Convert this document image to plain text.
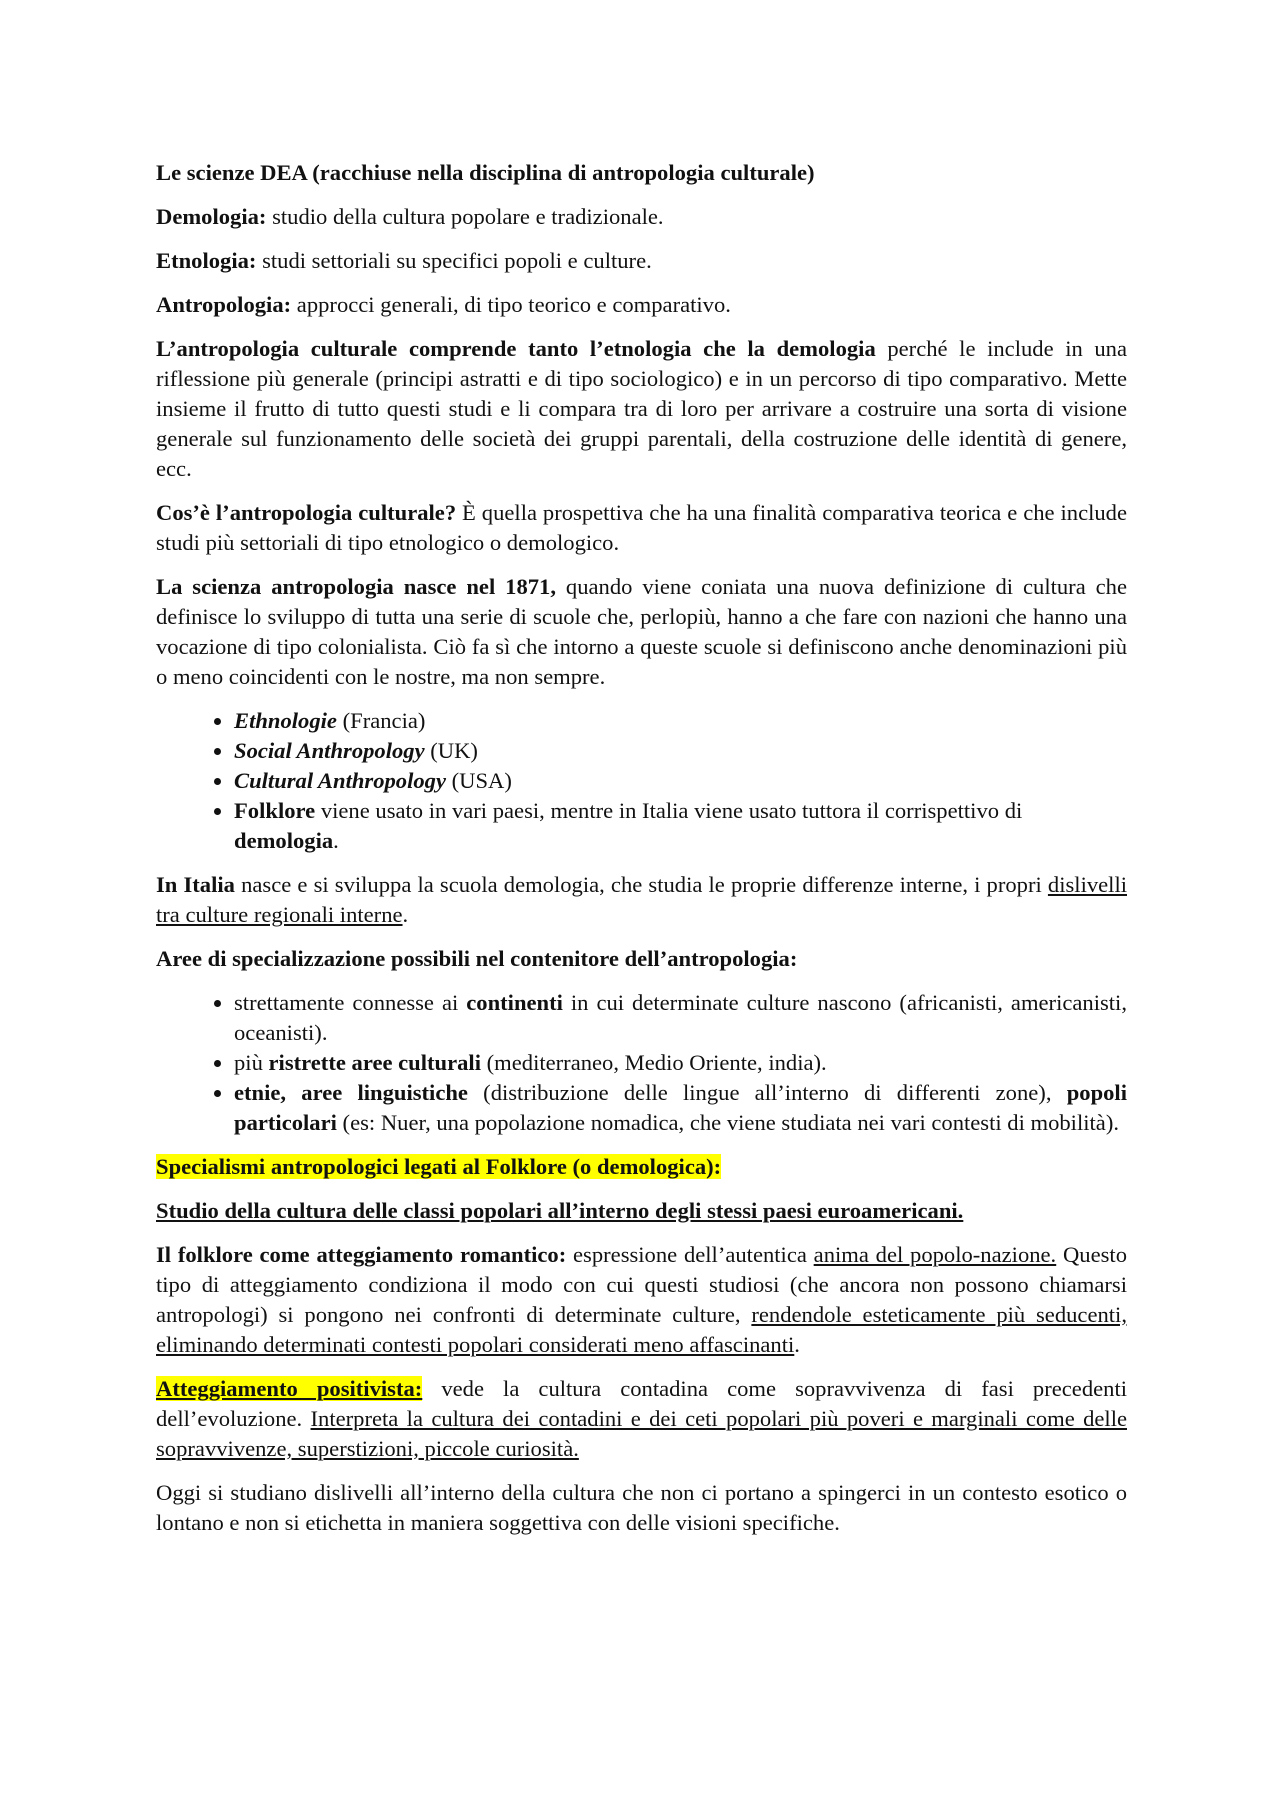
Le scienze DEA (racchiuse nella disciplina di antropologia culturale)

Demologia: studio della cultura popolare e tradizionale.

Etnologia: studi settoriali su specifici popoli e culture.

Antropologia: approcci generali, di tipo teorico e comparativo.

L’antropologia culturale comprende tanto l’etnologia che la demologia perché le include in una riflessione più generale (principi astratti e di tipo sociologico) e in un percorso di tipo comparativo. Mette insieme il frutto di tutto questi studi e li compara tra di loro per arrivare a costruire una sorta di visione generale sul funzionamento delle società dei gruppi parentali, della costruzione delle identità di genere, ecc.

Cos’è l’antropologia culturale? È quella prospettiva che ha una finalità comparativa teorica e che include studi più settoriali di tipo etnologico o demologico.

La scienza antropologia nasce nel 1871, quando viene coniata una nuova definizione di cultura che definisce lo sviluppo di tutta una serie di scuole che, perlopiù, hanno a che fare con nazioni che hanno una vocazione di tipo colonialista. Ciò fa sì che intorno a queste scuole si definiscono anche denominazioni più o meno coincidenti con le nostre, ma non sempre.

• Ethnologie (Francia)
• Social Anthropology (UK)
• Cultural Anthropology (USA)
• Folklore viene usato in vari paesi, mentre in Italia viene usato tuttora il corrispettivo di demologia.

In Italia nasce e si sviluppa la scuola demologia, che studia le proprie differenze interne, i propri dislivelli tra culture regionali interne.

Aree di specializzazione possibili nel contenitore dell’antropologia:

• strettamente connesse ai continenti in cui determinate culture nascono (africanisti, americanisti, oceanisti).
• più ristrette aree culturali (mediterraneo, Medio Oriente, india).
• etnie, aree linguistiche (distribuzione delle lingue all’interno di differenti zone), popoli particolari (es: Nuer, una popolazione nomadica, che viene studiata nei vari contesti di mobilità).

Specialismi antropologici legati al Folklore (o demologica):

Studio della cultura delle classi popolari all’interno degli stessi paesi euroamericani.

Il folklore come atteggiamento romantico: espressione dell’autentica anima del popolo-nazione. Questo tipo di atteggiamento condiziona il modo con cui questi studiosi (che ancora non possono chiamarsi antropologi) si pongono nei confronti di determinate culture, rendendole esteticamente più seducenti, eliminando determinati contesti popolari considerati meno affascinanti.

Atteggiamento positivista: vede la cultura contadina come sopravvivenza di fasi precedenti dell’evoluzione. Interpreta la cultura dei contadini e dei ceti popolari più poveri e marginali come delle sopravvivenze, superstizioni, piccole curiosità.

Oggi si studiano dislivelli all’interno della cultura che non ci portano a spingerci in un contesto esotico o lontano e non si etichetta in maniera soggettiva con delle visioni specifiche.
